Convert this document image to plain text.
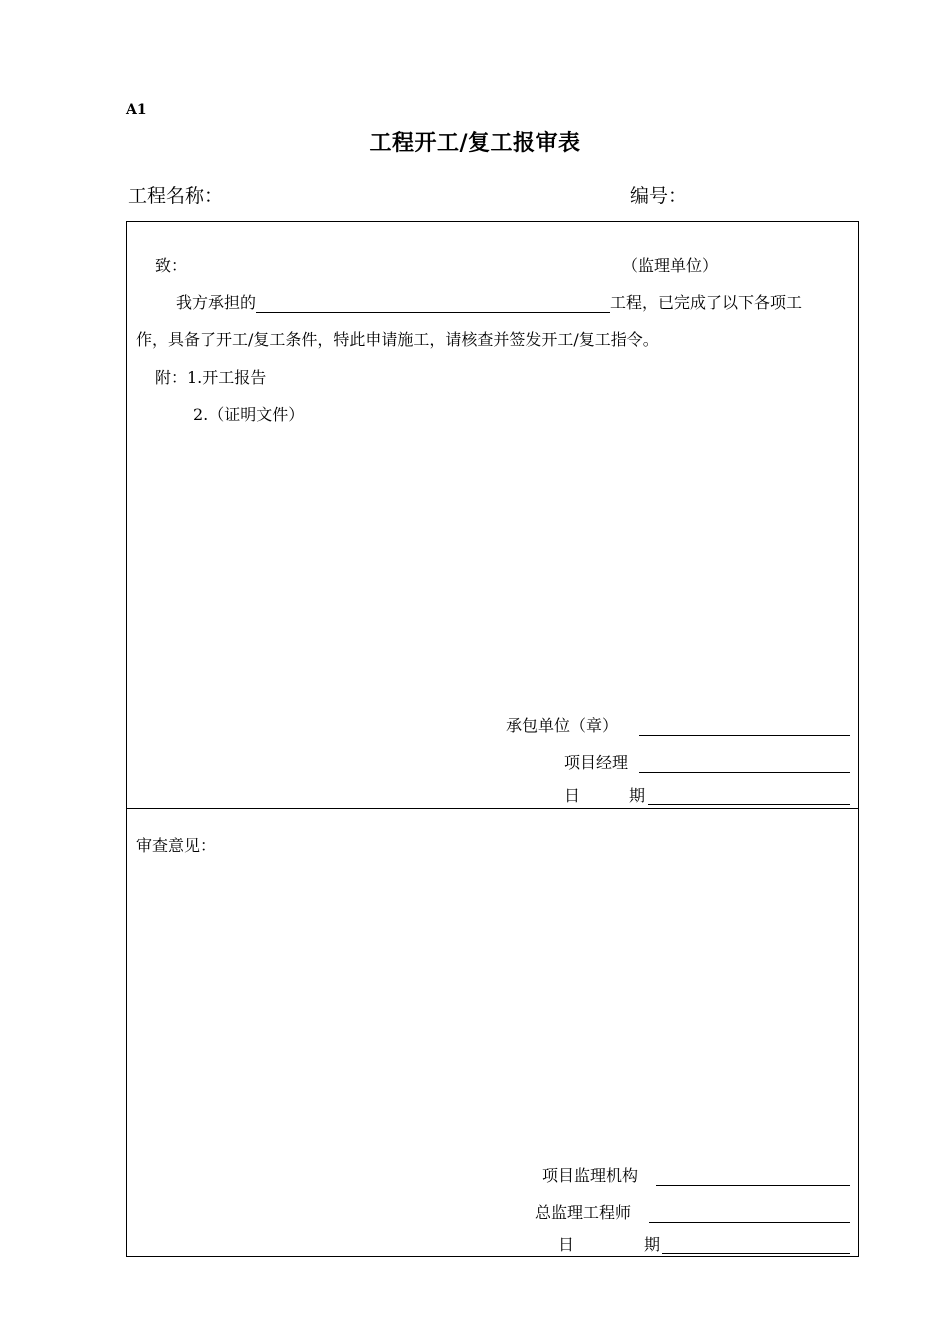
A1
工程开工/复工报审表
工程名称：	编号：
致：	（监理单位）
我方承担的	工程，已完成了以下各项工
作，具备了开工/复工条件，特此申请施工，请核查并签发开工/复工指令。
附：1.开工报告
2.（证明文件）
承包单位（章）
项目经理
日	期
审查意见：
项目监理机构
总监理工程师
日	期
